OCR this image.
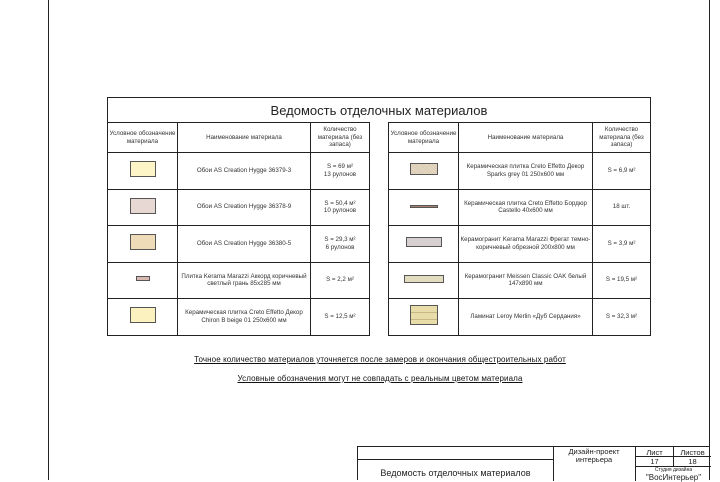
Ведомость отделочных материалов
Условное обозначение материала	Наименование материала	Количество материала (без запаса)
	Обои AS Creation Hygge 36379-3	S = 69 м²
13 рулонов
	Обои AS Creation Hygge 36378-9	S = 50,4 м²
10 рулонов
	Обои AS Creation Hygge 36380-5	S = 29,3 м²
6 рулонов
	Плитка Kerama Marazzi Аккорд коричневый светлый грань 85x285 мм	S = 2,2 м²
	Керамическая плитка Creto Effetto Декор Chiron B beige 01 250x600 мм	S = 12,5 м²
Условное обозначение материала	Наименование материала	Количество материала (без запаса)
	Керамическая плитка Creto Effetto Декор Sparks grey 01 250x600 мм	S = 6,9 м²
	Керамическая плитка Creto Effetto Бордюр Castello 40x600 мм	18 шт.
	Керамогранит Kerama Marazzi Фрегат темно-коричневый обрезной 200x800 мм	S = 3,9 м²
	Керамогранит Meissen Classic OAK белый 147x890 мм	S = 19,5 м²
	Ламинат Leroy Merlin «Дуб Сердания»	S = 32,3 м²
Точное количество материалов уточняется после замеров и окончания общестроительных работ
Условные обозначения могут не совпадать с реальным цветом материала
Дизайн-проект интерьера
Лист	Листов
17	18
Ведомость отделочных материалов	Студия дизайна
"ВосИнтерьер"
